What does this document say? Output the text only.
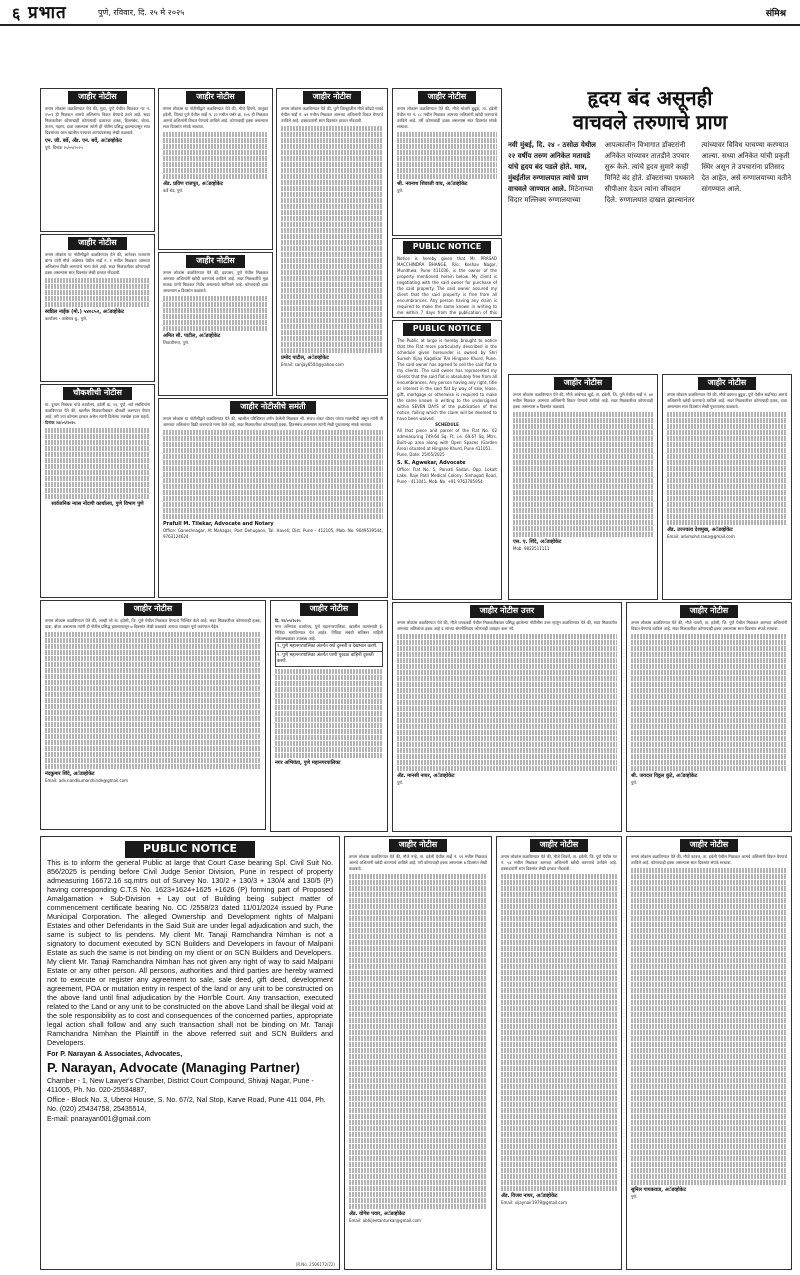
६ प्रभात	पुणे, रविवार, दि. २५ मे २०२५	संमिश्र
जाहीर नोटीस
तमाम लोकांस कळविण्यात येते की, मुठा, पुणे येथील मिळकत गट नं. १५०१ ही मिळकत आमचे अशिलांना विकत घेण्याचे ठरले आहे. सदर मिळकतीवर कोणाचाही कोणत्याही प्रकारचा हक्क, हितसंबंध, बोजा, तारण, गहाण, दावा असल्यास त्यांनी ही नोटीस प्रसिद्ध झाल्यापासून सात दिवसांच्या आत खालील पत्त्यावर कागदपत्रांसह लेखी कळवावे.
एन. जी. बर्वे, अँड. एन. बर्वे, अॅडव्होकेट
पुणे. दिनांक २५/०५/२०२५
जाहीर नोटीस
तमाम लोकांस या नोटीसीद्वारे कळविण्यात येते की, ज्ञानेश्वर राजाराम बांगर यांनी मौजे आंबेगाव येथील सर्व्हे नं. १ मधील मिळकत आमच्या अशिलांना विक्री करण्याचे मान्य केले आहे. सदर मिळकतीवर कोणाचाही हक्क असल्यास सात दिवसांत लेखी हरकत नोंदवावी.
स्वप्निल नाईक (मो.) ५४०८५२, अॅडव्होकेट
कार्यालय - आंबेगाव बु., पुणे.
चौकशीची नोटीस
मा. दुय्यम निबंधक यांचे कार्यालय, हवेली क्र. ११, पुणे. सर्व संबंधितांना कळविण्यात येते की, खालील मिळकतीबाबत चौकशी करण्यात येणार आहे. तरी ज्या कोणास हरकत असेल त्यांनी दिलेल्या तारखेस हजर राहावे.
दिनांक २४/०५/२०२५
सार्वजनिक न्यास नोंदणी कार्यालय, पुणे विभाग पुणे
जाहीर नोटीस
तमाम लोकांस कळविण्यात येते की, आम्ही नरे ता. हवेली, जि. पुणे येथील मिळकत घेण्याचे निश्चित केले आहे. सदर मिळकतीवर कोणाचाही हक्क, दावा, बोजा असल्यास त्यांनी ही नोटीस प्रसिद्ध झाल्यापासून ७ दिवसांत लेखी कळवावे अन्यथा व्यवहार पूर्ण करण्यात येईल.
नंदकुमार शिंदे, अॅडव्होकेट
Email: adv.nandkumarshinde@gmail.com
जाहीर नोटीस
तमाम लोकांस या नोटीसीद्वारे कळविण्यात येते की, मौजे हिंगणे, तालुका हवेली, जिल्हा पुणे येथील सर्व्हे नं. ३२ मधील फ्लॅट क्र. १०६ ही मिळकत आमचे अशिलांनी विकत घेण्याचे ठरविले आहे. कोणाचाही हक्क असल्यास सात दिवसांत संपर्क साधावा.
ॲड. प्रविण राजपूत, अॅडव्होकेट
कर्वे रोड, पुणे.
जाहीर नोटीस
तमाम लोकांस कळविण्यात येते की, हडपसर, पुणे येथील मिळकत आमच्या अशिलांनी खरेदी करण्याचे ठरविले आहे. सदर मिळकतीचे मूळ मालक यांनी मिळकत निर्वेध असल्याचे सांगितले आहे. कोणाचाही दावा असल्यास ७ दिवसांत कळवावे.
अमित सी. पाटील, अॅडव्होकेट
शिवाजीनगर, पुणे.
जाहीर नोटीसीचे समंती
तमाम लोकांस या नोटीसीद्वारे कळविण्यात येते की, खालील परिशिष्टात वर्णन केलेली मिळकत श्री. संजय शंकर थोरात यांच्या मालकीची असून त्यांनी ती आमच्या अशिलांना विक्री करण्याचे मान्य केले आहे. सदर मिळकतीवर कोणाचाही हक्क, हितसंबंध असल्यास त्यांनी लेखी पुराव्यासह संपर्क साधावा.
Prafull M. Tilekar, Advocate and Notary
Office: Ganeshnagar, At Mahagar, Post Dehugaon, Tal. Haveli, Dist. Pune - 412105, Mob. No. 9049539544, 9763124624
जाहीर नोटीस
तमाम लोकांस कळविण्यात येते की, पुणे जिल्ह्यातील मौजे कोंढवे धावडे येथील सर्व्हे नं. ७१ मधील मिळकत आमच्या अशिलांनी विकत घेण्याचे ठरविले आहे. हक्कदारांनी सात दिवसांत हरकत नोंदवावी.
प्रमोद पाटील, अॅडव्होकेट
Email: sanjay6504@yahoo.com
जाहीर नोटीस
दि. २२/०५/२०२५
नगर अभियंता कार्यालय, पुणे महानगरपालिका. खालील कामांसाठी ई-निविदा मागविण्यात येत आहेत. निविदा संबंधी सविस्तर माहिती संकेतस्थळावर उपलब्ध आहे.
१. पुणे महानगरपालिका अंतर्गत रस्ते दुरुस्ती व देखभाल करणे.
२. पुणे महानगरपालिका अंतर्गत पाणी पुरवठा वाहिनी दुरुस्ती करणे.
नगर अभियंता, पुणे महानगरपालिका
जाहीर नोटीस
तमाम लोकांस कळविण्यात येते की, मौजे मांजरी बुद्रुक, ता. हवेली येथील गट नं. ८८ मधील मिळकत आमच्या अशिलांनी खरेदी करण्याचे ठरविले आहे. तरी कोणाचाही हक्क असल्यास सात दिवसांत संपर्क साधावा.
श्री. नवनाथ शिवाजी वाघ, अॅडव्होकेट
पुणे.
PUBLIC NOTICE
Notice is hereby given that Mr. PRASAD MACCHINDRA BHANGE, R/o: Keshav Nagar, Mundhwa, Pune 411036, is the owner of the property mentioned herein below. My client is negotiating with the said owner for purchase of the said property. The said owner assured my client that the said property is free from all encumbrances. Any person having any claim is required to make the same known in writing to me within 7 days from the publication of this
PUBLIC NOTICE
The Public at large is hereby brought to notice that the Flat more particularly described in the schedule given hereunder is owned by Shri Suresh Vijay Kagolkar R/o Hingane Khurd, Pune. The said owner has agreed to sell the said flat to my clients. The said owner has represented my clients that the said flat is absolutely free from all encumbrances. Any person having any right, title or interest in the said flat by way of sale, lease, gift, mortgage or otherwise is required to make the same known in writing to the undersigned within SEVEN DAYS of the publication of this notice, failing which the claim will be deemed to have been waived.
SCHEDULE
All that piece and parcel of the Flat No. 02 admeasuring 749.64 Sq. Ft. i.e. 69.67 Sq. Mtrs. Built-up area along with Open Spaces (Garden Area) situated at Hingane Khurd, Pune 411051.
Pune, Date: 25/05/2025
S. K. Agwekar, Advocate
Office: Flat No. 5, Parvati Sadan, Opp. Lokalt Lake, Raje Patil Medical Colony, Sinhagad Road, Pune - 411041. Mob. No. +91 9763785954
जाहीर नोटीस उत्तर
तमाम लोकांस कळविण्यात येते की, मौजे धनकवडी येथील मिळकतीबाबत प्रसिद्ध झालेल्या नोटीसीस उत्तर म्हणून कळविण्यात येते की, सदर मिळकतीत आमच्या अशिलांचा हक्क आहे व त्यांच्या संमतीशिवाय कोणताही व्यवहार करू नये.
ॲड. मानसी नायर, अॅडव्होकेट
पुणे.
हृदय बंद असूनही
वाचवले तरुणाचे प्राण
नवी मुंबई, दि. २४ - ठसोळ येथील २२ वर्षीय तरुण अनिकेत मतावडे यांचे हृदय बंद पडले होते. मात्र, मुंबईतील रुग्णालयात त्यांचे प्राण वाचवले जाण्यात आले. मिठेनाच्या विदार मल्लिक्य रुग्णालयाच्या आपत्कालीन विभागात डॉक्टरांनी अनिकेत यांच्यावर तातडीने उपचार सुरू केले. त्यांचे हृदय सुमारे काही मिनिटे बंद होते. डॉक्टरांच्या पथकाने सीपीआर देऊन त्यांना जीवदान दिले. रुग्णालयात दाखल झाल्यानंतर त्यांच्यावर विविध चाचण्या करण्यात आल्या. सध्या अनिकेत यांची प्रकृती स्थिर असून ते उपचारांना प्रतिसाद देत आहेत, असे रुग्णालयाच्या वतीने सांगण्यात आले.
जाहीर नोटीस
तमाम लोकांस कळविण्यात येते की, मौजे आंबेगाव खुर्द, ता. हवेली, जि. पुणे येथील सर्व्हे नं. ४४ मधील मिळकत आमच्या अशिलांनी विकत घेण्याचे ठरविले आहे. सदर मिळकतीवर कोणाचाही हक्क असल्यास ७ दिवसांत कळवावे.
एस. ए. शिंदे, अॅडव्होकेट
Mob. 9822511111
जाहीर नोटीस
तमाम लोकांस कळविण्यात येते की, मौजे वडगाव बुद्रुक, पुणे येथील सदनिका आमचे अशिलांनी खरेदी करण्याचे ठरविले आहे. सदर मिळकतीवर कोणाचाही हक्क, दावा असल्यास सात दिवसांत लेखी पुराव्यासह कळवावे.
ॲड. उज्ज्वला देशमुख, अॅडव्होकेट
Email: advmohd.rana@gmail.com
जाहीर नोटीस
तमाम लोकांस कळविण्यात येते की, मौजे धायरी, ता. हवेली, जि. पुणे येथील मिळकत आमच्या अशिलांनी विकत घेण्याचे ठरविले आहे. सदर मिळकतीवर कोणाचाही हक्क असल्यास सात दिवसांत संपर्क साधावा.
श्री. जयदत्त विठ्ठल कुंटे, अॅडव्होकेट
पुणे.
PUBLIC NOTICE
This is to inform the general Public at large that Court Case bearing Spl. Civil Suit No. 856/2025 is pending before Civil Judge Senior Division, Pune in respect of property admeasuring 16672.16 sq.mtrs out of Survey No. 130/2 + 130/3 + 130/4 and 130/5 (P) having corresponding C.T.S No. 1623+1624+1625 +1626 (P) forming part of Proposed Amalgamation + Sub-Division + Lay out of Building being subject matter of commencement certificate bearing No. CC /2558/23 dated 11/01/2024 issued by Pune Municipal Corporation. The alleged Ownership and Development rights of Malpani Estates and other Defendants in the Said Suit are under legal adjudication and such, the same is subject to lis pendens. My client Mr. Tanaji Ramchandra Nimhan is not a signatory to document executed by SCN Builders and Developers in favour of Malpani Estate as such the same is not binding on my client or on SCN Builders and Developers. My client Mr. Tanaji Ramchandra Nimhan has not given any right of way to said Malpani Estate or any other person. All persons, authorities and third parties are hereby warned not to execute or register any agreement to sale, sale deed, gift deed, development agreement, POA or mutation entry in respect of the land or any unit to be constructed on the above land until final adjudication by the Hon'ble Court. Any transaction, executed related to the Land or any unit to be constructed on the above Land shall be illegal void at the sole responsibility as to cost and consequences of the concerned parties, appropriate legal action shall follow and any such transaction shall not be binding on Mr. Tanaji Ramchandra Nimhan the Plaintiff in the above referred suit and SCN Builders and Developers.
For P. Narayan & Associates, Advocates,
P. Narayan, Advocate (Managing Partner)
Chamber - 1, New Lawyer's Chamber, District Court Compound, Shivaji Nagar, Pune - 411005, Ph. No. 020-25534887,
Office - Block No. 3, Uberoi House, S. No. 67/2, Nal Stop, Karve Road, Pune 411 004, Ph. No. (020) 25434758, 25435514,
E-mail: pnarayan001@gmail.com
(R.No. 2506172/72)
जाहीर नोटीस
तमाम लोकांस कळविण्यात येते की, मौजे नऱ्हे, ता. हवेली येथील सर्व्हे नं. १९ मधील मिळकत आमचे अशिलांनी खरेदी करण्याचे ठरविले आहे. तरी कोणाचाही हक्क असल्यास ७ दिवसांत लेखी कळवावे.
ॲड. योगेश पवार, अॅडव्होकेट
Email: abhijeetanturkar@gmail.com
जाहीर नोटीस
तमाम लोकांस कळविण्यात येते की, मौजे शिवणे, ता. हवेली, जि. पुणे येथील गट नं. ५४ मधील मिळकत आमच्या अशिलांनी खरेदी करण्याचे ठरविले आहे. हक्कदारांनी सात दिवसांत लेखी हरकत नोंदवावी.
ॲड. विजय नायर, अॅडव्होकेट
Email: vijaynair1979@gmail.com
जाहीर नोटीस
तमाम लोकांस कळविण्यात येते की, मौजे कात्रज, ता. हवेली येथील मिळकत आमचे अशिलांनी विकत घेण्याचे ठरविले आहे. कोणाचाही हक्क असल्यास सात दिवसांत संपर्क साधावा.
सुनिल गायकवाड, अॅडव्होकेट
पुणे.
